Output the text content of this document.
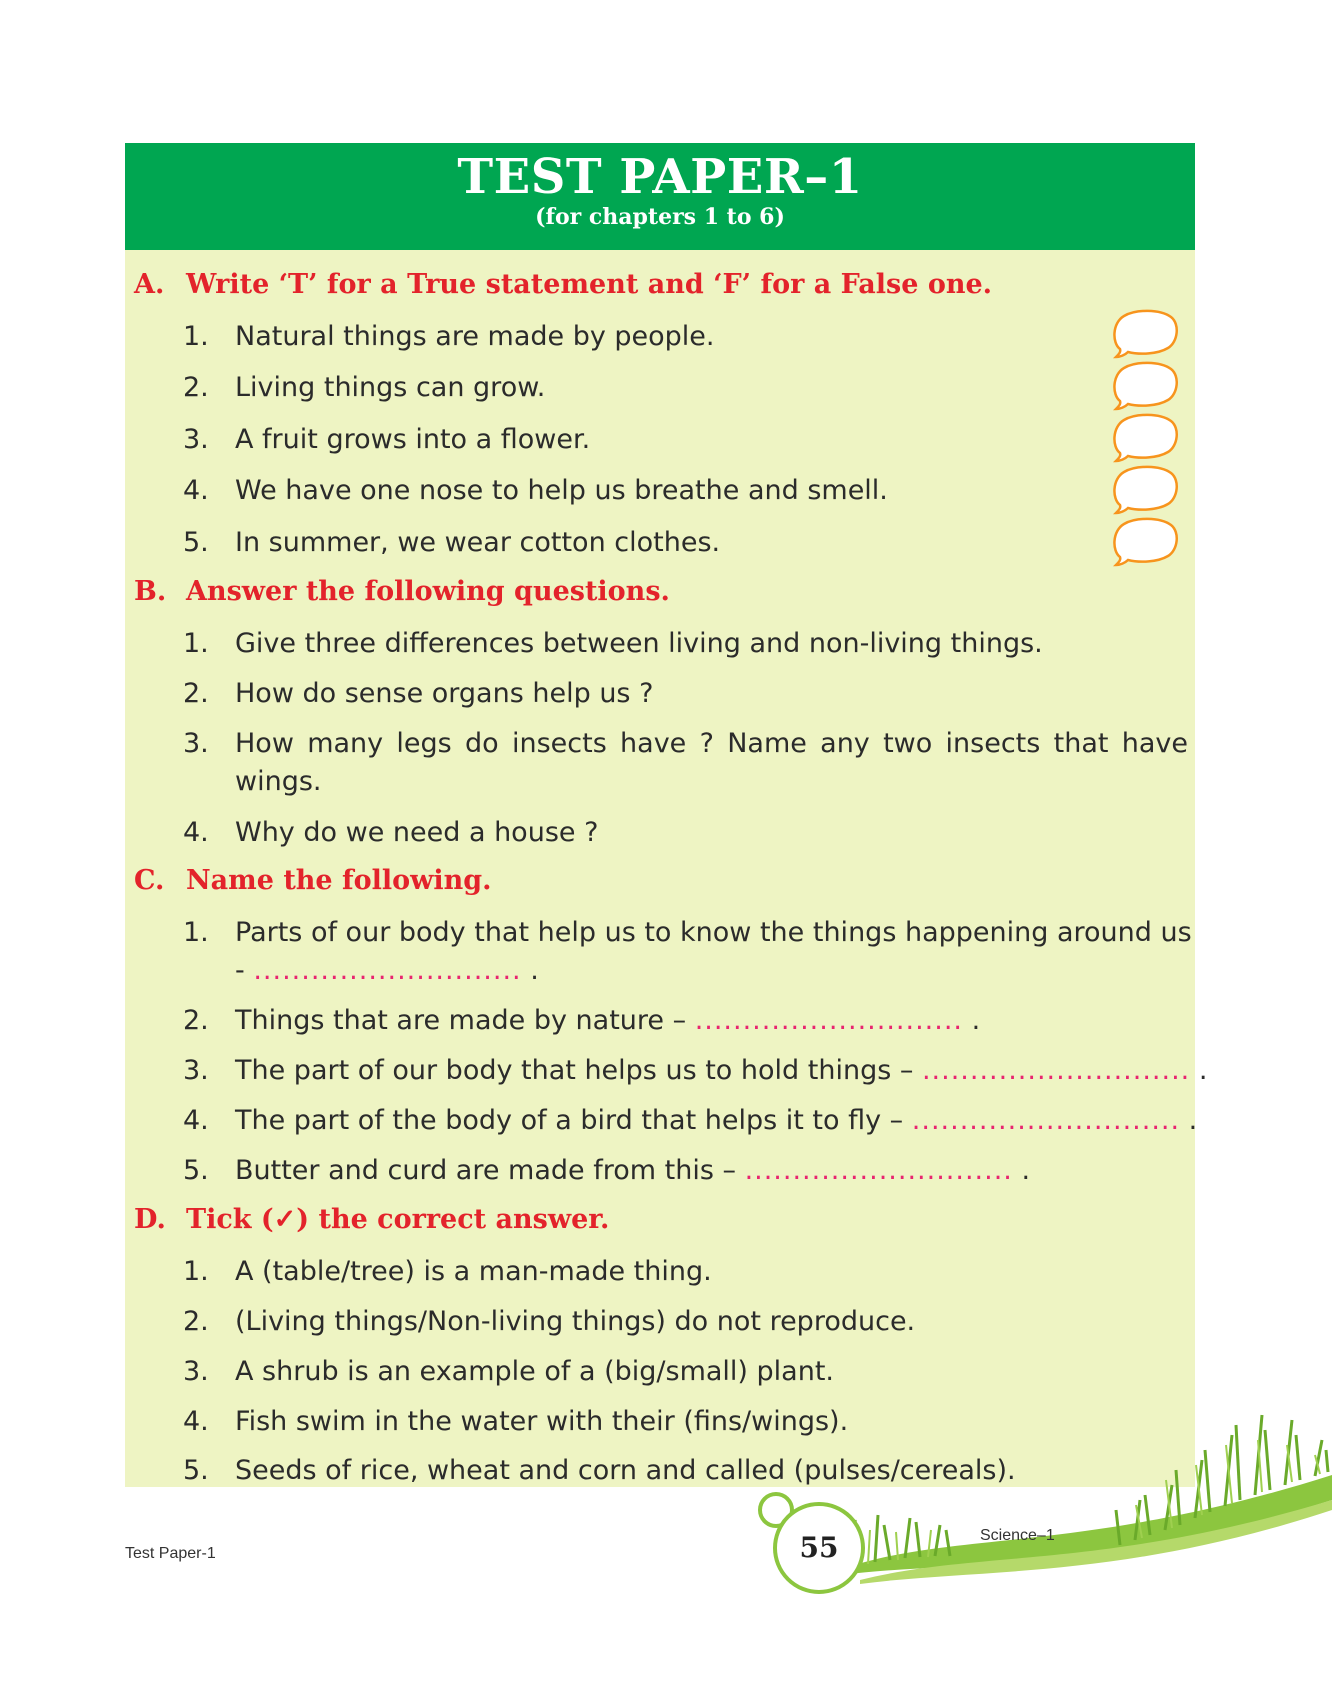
TEST PAPER–1
(for chapters 1 to 6)
A. Write ‘T’ for a True statement and ‘F’ for a False one.
1. Natural things are made by people.
2. Living things can grow.
3. A fruit grows into a flower.
4. We have one nose to help us breathe and smell.
5. In summer, we wear cotton clothes.
B. Answer the following questions.
1. Give three differences between living and non-living things.
2. How do sense organs help us ?
3. How many legs do insects have ? Name any two insects that have
wings.
4. Why do we need a house ?
C. Name the following.
1. Parts of our body that help us to know the things happening around us
- ............................ .
2. Things that are made by nature – ............................ .
3. The part of our body that helps us to hold things – ............................ .
4. The part of the body of a bird that helps it to fly – ............................ .
5. Butter and curd are made from this – ............................ .
D. Tick (✓) the correct answer.
1. A (table/tree) is a man-made thing.
2. (Living things/Non-living things) do not reproduce.
3. A shrub is an example of a (big/small) plant.
4. Fish swim in the water with their (fins/wings).
5. Seeds of rice, wheat and corn and called (pulses/cereals).
55
Test Paper-1
Science–1
